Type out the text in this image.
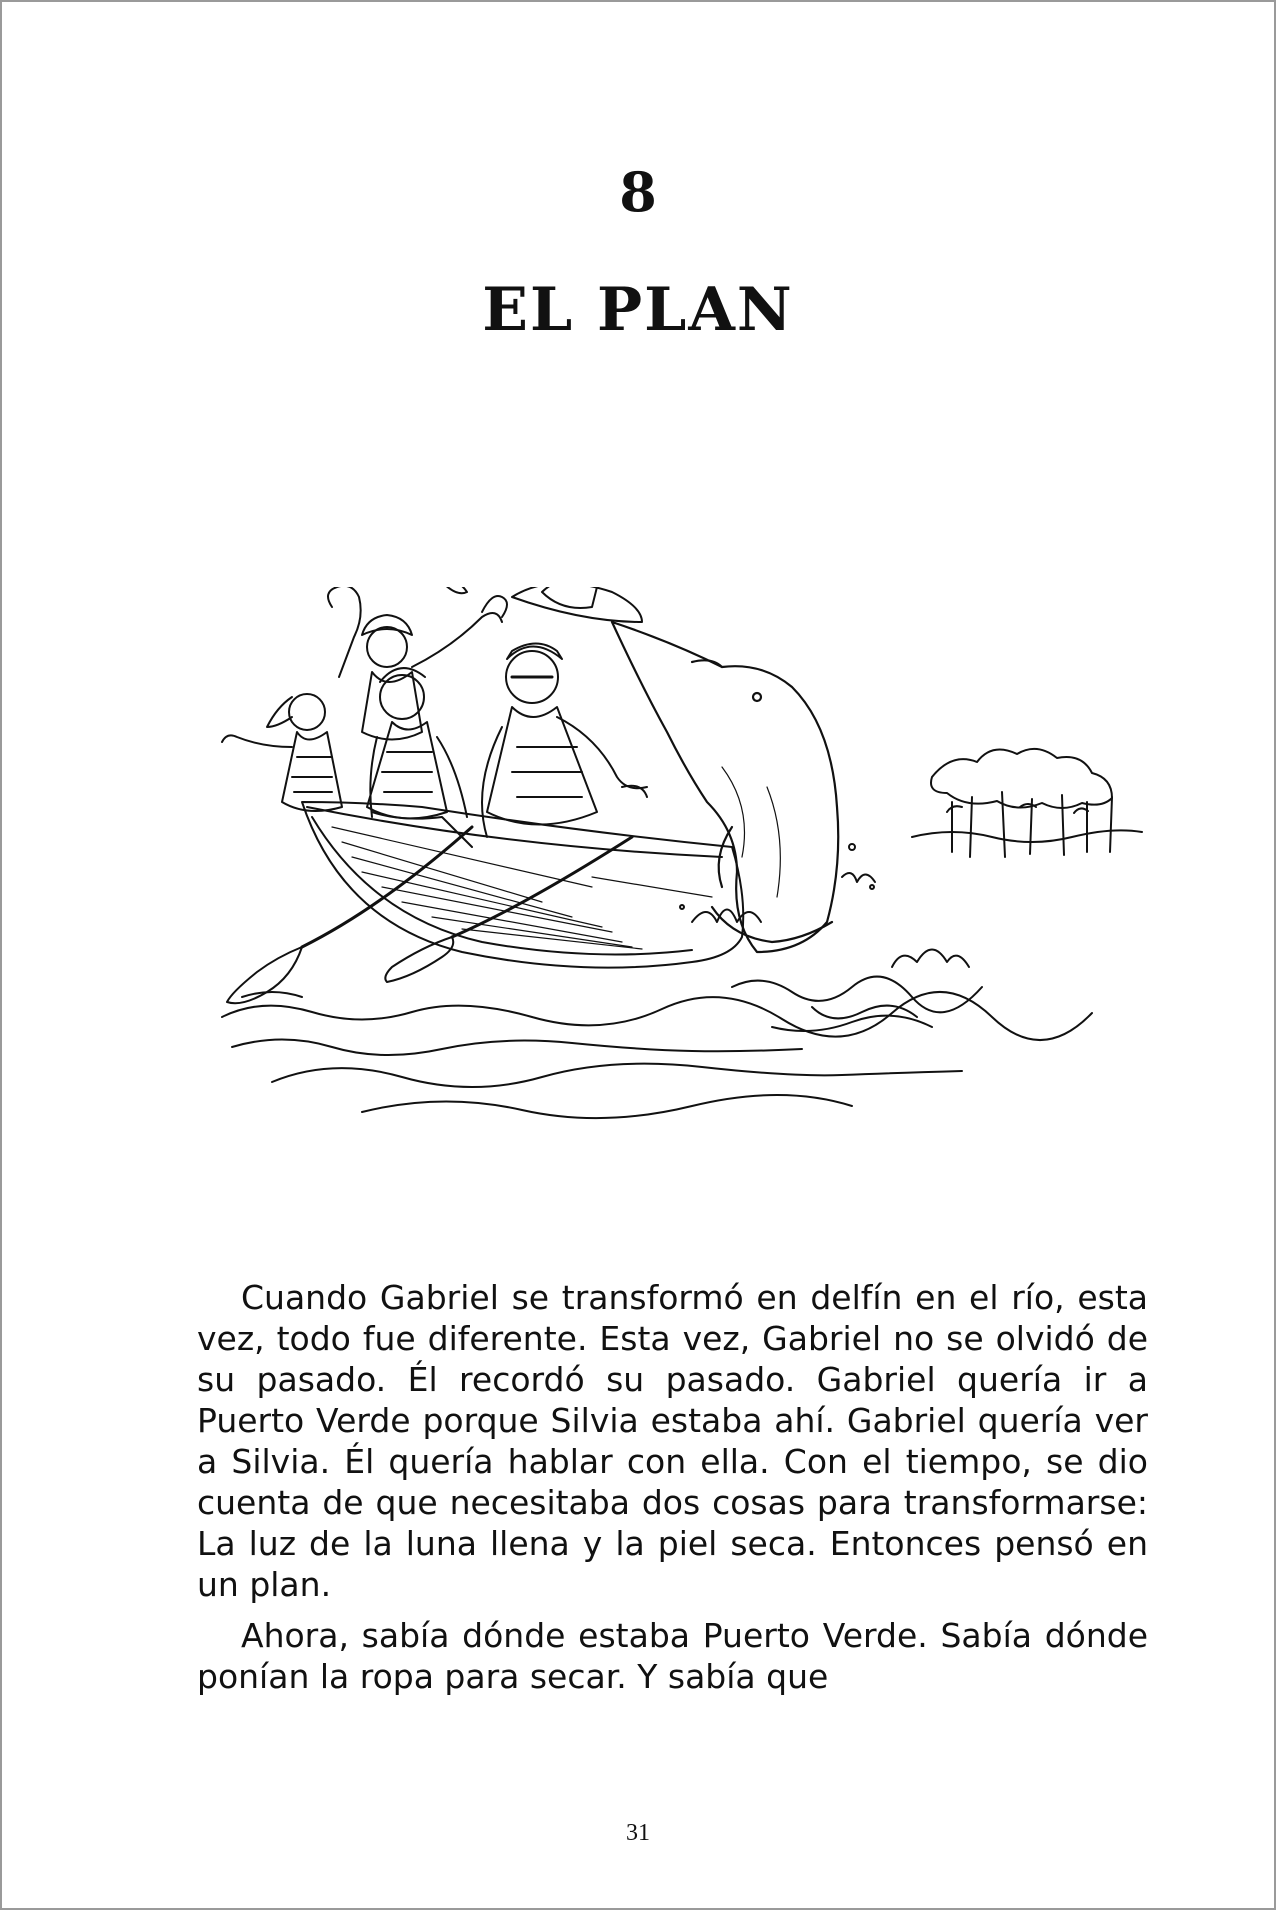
8
EL PLAN

Cuando Gabriel se transformó en delfín en el río, esta vez, todo fue diferente. Esta vez, Gabriel no se olvidó de su pasado. Él recordó su pasado. Gabriel quería ir a Puerto Verde porque Silvia estaba ahí. Gabriel quería ver a Silvia. Él quería hablar con ella. Con el tiempo, se dio cuenta de que necesitaba dos cosas para transformarse: La luz de la luna llena y la piel seca. Entonces pensó en un plan.

Ahora, sabía dónde estaba Puerto Verde. Sabía dónde ponían la ropa para secar. Y sabía que

31
